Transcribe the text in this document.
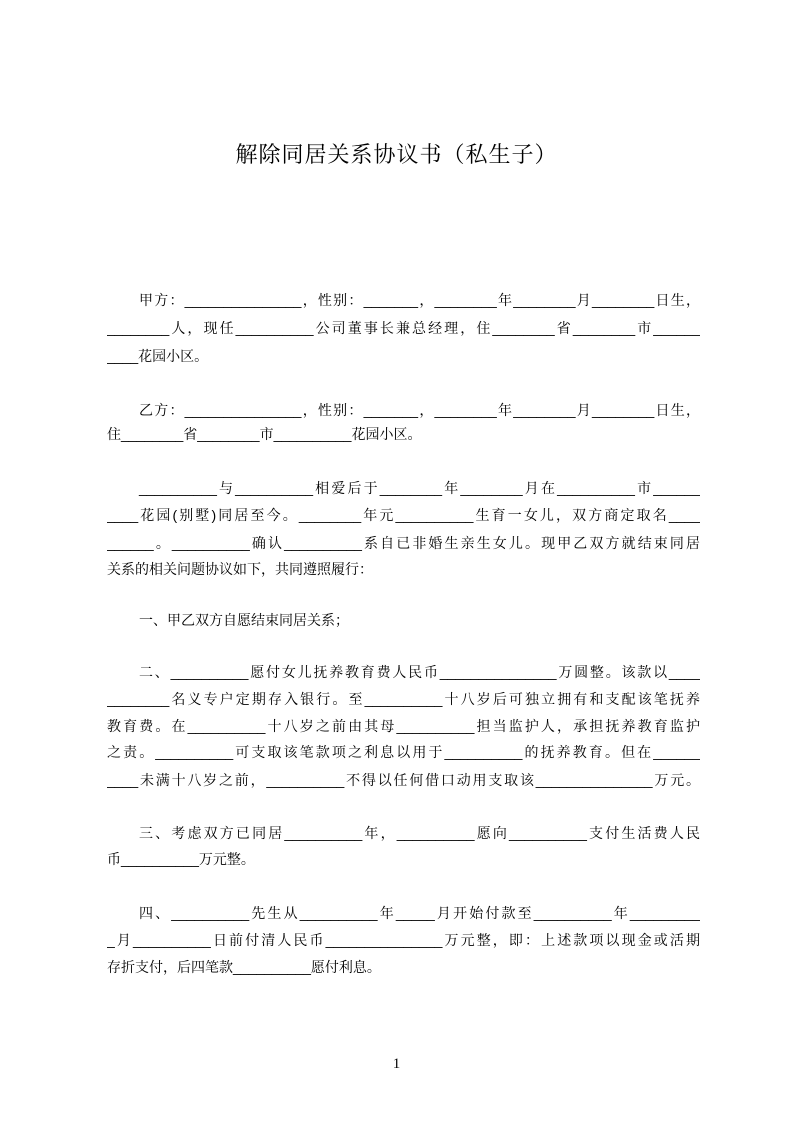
解除同居关系协议书（私生子）
甲方：_______________，性别：_______，________年________月________日生，
________人，现任__________公司董事长兼总经理，住________省________市______
____花园小区。
乙方：_______________，性别：_______，________年________月________日生，
住________省________市__________花园小区。
__________与__________相爱后于________年________月在__________市______
____花园(别墅)同居至今。________年元__________生育一女儿，双方商定取名____
______。__________确认__________系自已非婚生亲生女儿。现甲乙双方就结束同居
关系的相关问题协议如下，共同遵照履行：
一、甲乙双方自愿结束同居关系；
二、__________愿付女儿抚养教育费人民币_______________万圆整。该款以____
________名义专户定期存入银行。至__________十八岁后可独立拥有和支配该笔抚养
教育费。在__________十八岁之前由其母__________担当监护人，承担抚养教育监护
之责。__________可支取该笔款项之利息以用于__________的抚养教育。但在______
____未满十八岁之前，__________不得以任何借口动用支取该_______________万元。
三、考虑双方已同居__________年，__________愿向__________支付生活费人民
币__________万元整。
四、__________先生从__________年_____月开始付款至__________年_________
_月__________日前付清人民币_______________万元整，即：上述款项以现金或活期
存折支付，后四笔款__________愿付利息。
1
